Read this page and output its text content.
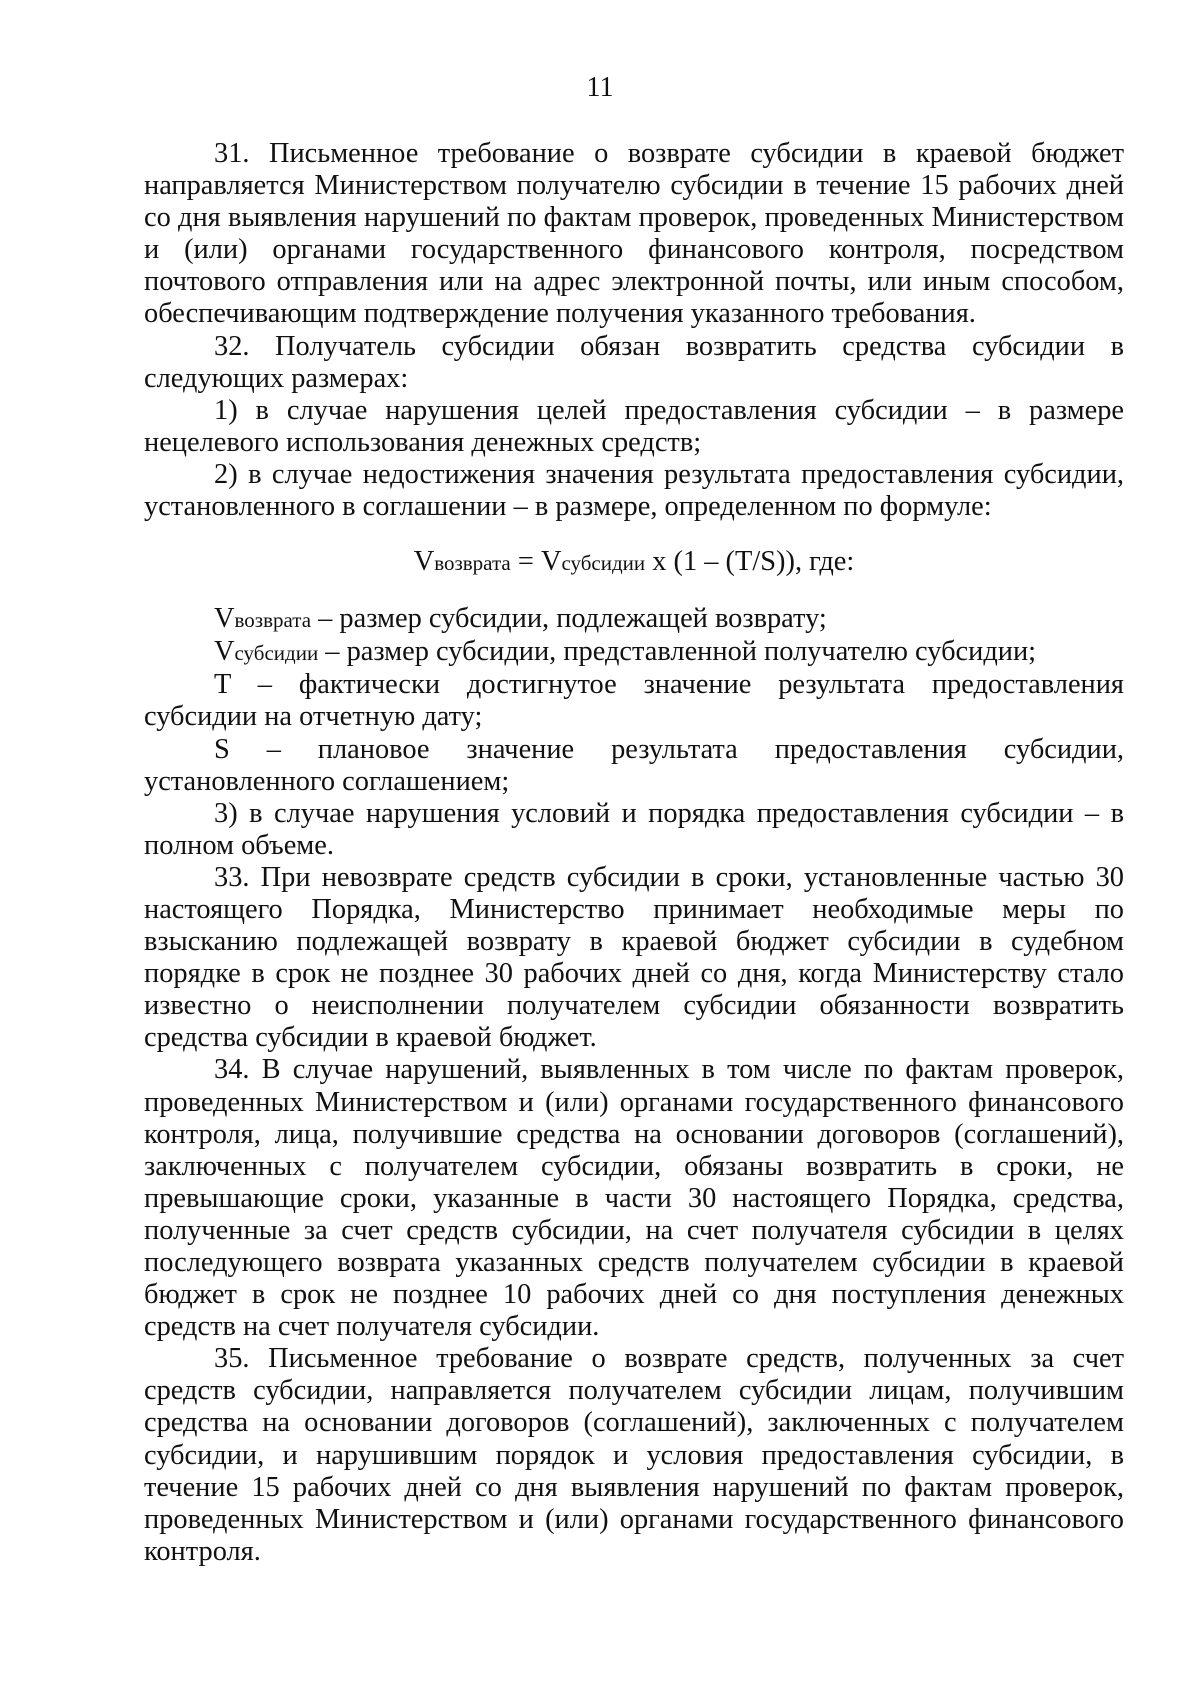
11

31. Письменное требование о возврате субсидии в краевой бюджет направляется Министерством получателю субсидии в течение 15 рабочих дней со дня выявления нарушений по фактам проверок, проведенных Министерством и (или) органами государственного финансового контроля, посредством почтового отправления или на адрес электронной почты, или иным способом, обеспечивающим подтверждение получения указанного требования.

32. Получатель субсидии обязан возвратить средства субсидии в следующих размерах:

1) в случае нарушения целей предоставления субсидии – в размере нецелевого использования денежных средств;

2) в случае недостижения значения результата предоставления субсидии, установленного в соглашении – в размере, определенном по формуле:

Vвозврата = Vсубсидии x (1 – (T/S)), где:

Vвозврата – размер субсидии, подлежащей возврату;

Vсубсидии – размер субсидии, представленной получателю субсидии;

T – фактически достигнутое значение результата предоставления субсидии на отчетную дату;

S – плановое значение результата предоставления субсидии, установленного соглашением;

3) в случае нарушения условий и порядка предоставления субсидии – в полном объеме.

33. При невозврате средств субсидии в сроки, установленные частью 30 настоящего Порядка, Министерство принимает необходимые меры по взысканию подлежащей возврату в краевой бюджет субсидии в судебном порядке в срок не позднее 30 рабочих дней со дня, когда Министерству стало известно о неисполнении получателем субсидии обязанности возвратить средства субсидии в краевой бюджет.

34. В случае нарушений, выявленных в том числе по фактам проверок, проведенных Министерством и (или) органами государственного финансового контроля, лица, получившие средства на основании договоров (соглашений), заключенных с получателем субсидии, обязаны возвратить в сроки, не превышающие сроки, указанные в части 30 настоящего Порядка, средства, полученные за счет средств субсидии, на счет получателя субсидии в целях последующего возврата указанных средств получателем субсидии в краевой бюджет в срок не позднее 10 рабочих дней со дня поступления денежных средств на счет получателя субсидии.

35. Письменное требование о возврате средств, полученных за счет средств субсидии, направляется получателем субсидии лицам, получившим средства на основании договоров (соглашений), заключенных с получателем субсидии, и нарушившим порядок и условия предоставления субсидии, в течение 15 рабочих дней со дня выявления нарушений по фактам проверок, проведенных Министерством и (или) органами государственного финансового контроля.
